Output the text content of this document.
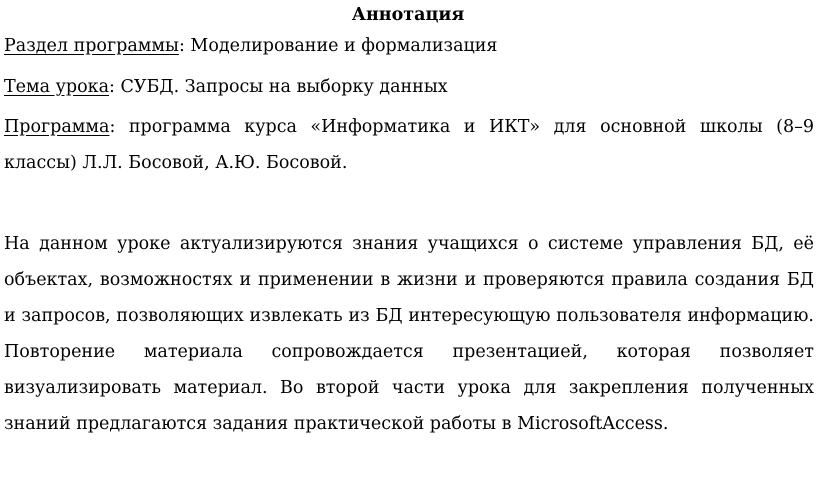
Аннотация
Раздел программы: Моделирование и формализация
Тема урока: СУБД. Запросы на выборку данных
Программа: программа курса «Информатика и ИКТ» для основной школы (8–9 классы) Л.Л. Босовой, А.Ю. Босовой.
На данном уроке актуализируются знания учащихся о системе управления БД, её объектах, возможностях и применении в жизни и проверяются правила создания БД и запросов, позволяющих извлекать из БД интересующую пользователя информацию. Повторение материала сопровождается презентацией, которая позволяет визуализировать материал. Во второй части урока для закрепления полученных знаний предлагаются задания практической работы в MicrosoftAccess.
